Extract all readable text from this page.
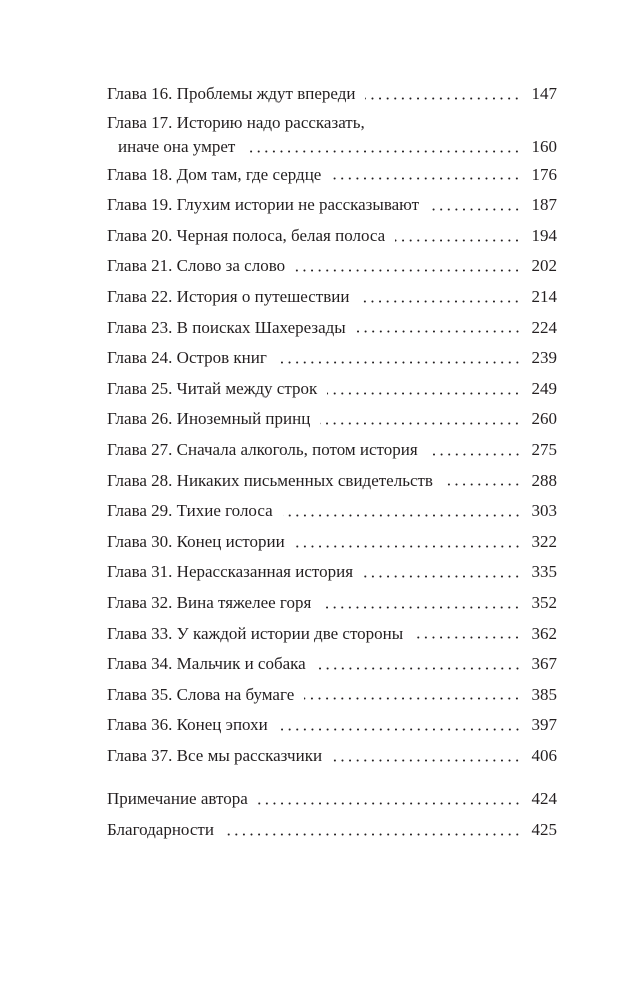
Глава 16. Проблемы ждут впереди	147
Глава 17. Историю надо рассказать,
иначе она умрет	160
Глава 18. Дом там, где сердце	176
Глава 19. Глухим истории не рассказывают	187
Глава 20. Черная полоса, белая полоса	194
Глава 21. Слово за слово	202
Глава 22. История о путешествии	214
Глава 23. В поисках Шахерезады	224
Глава 24. Остров книг	239
Глава 25. Читай между строк	249
Глава 26. Иноземный принц	260
Глава 27. Сначала алкоголь, потом история	275
Глава 28. Никаких письменных свидетельств	288
Глава 29. Тихие голоса	303
Глава 30. Конец истории	322
Глава 31. Нерассказанная история	335
Глава 32. Вина тяжелее горя	352
Глава 33. У каждой истории две стороны	362
Глава 34. Мальчик и собака	367
Глава 35. Слова на бумаге	385
Глава 36. Конец эпохи	397
Глава 37. Все мы рассказчики	406
Примечание автора	424
Благодарности	425
